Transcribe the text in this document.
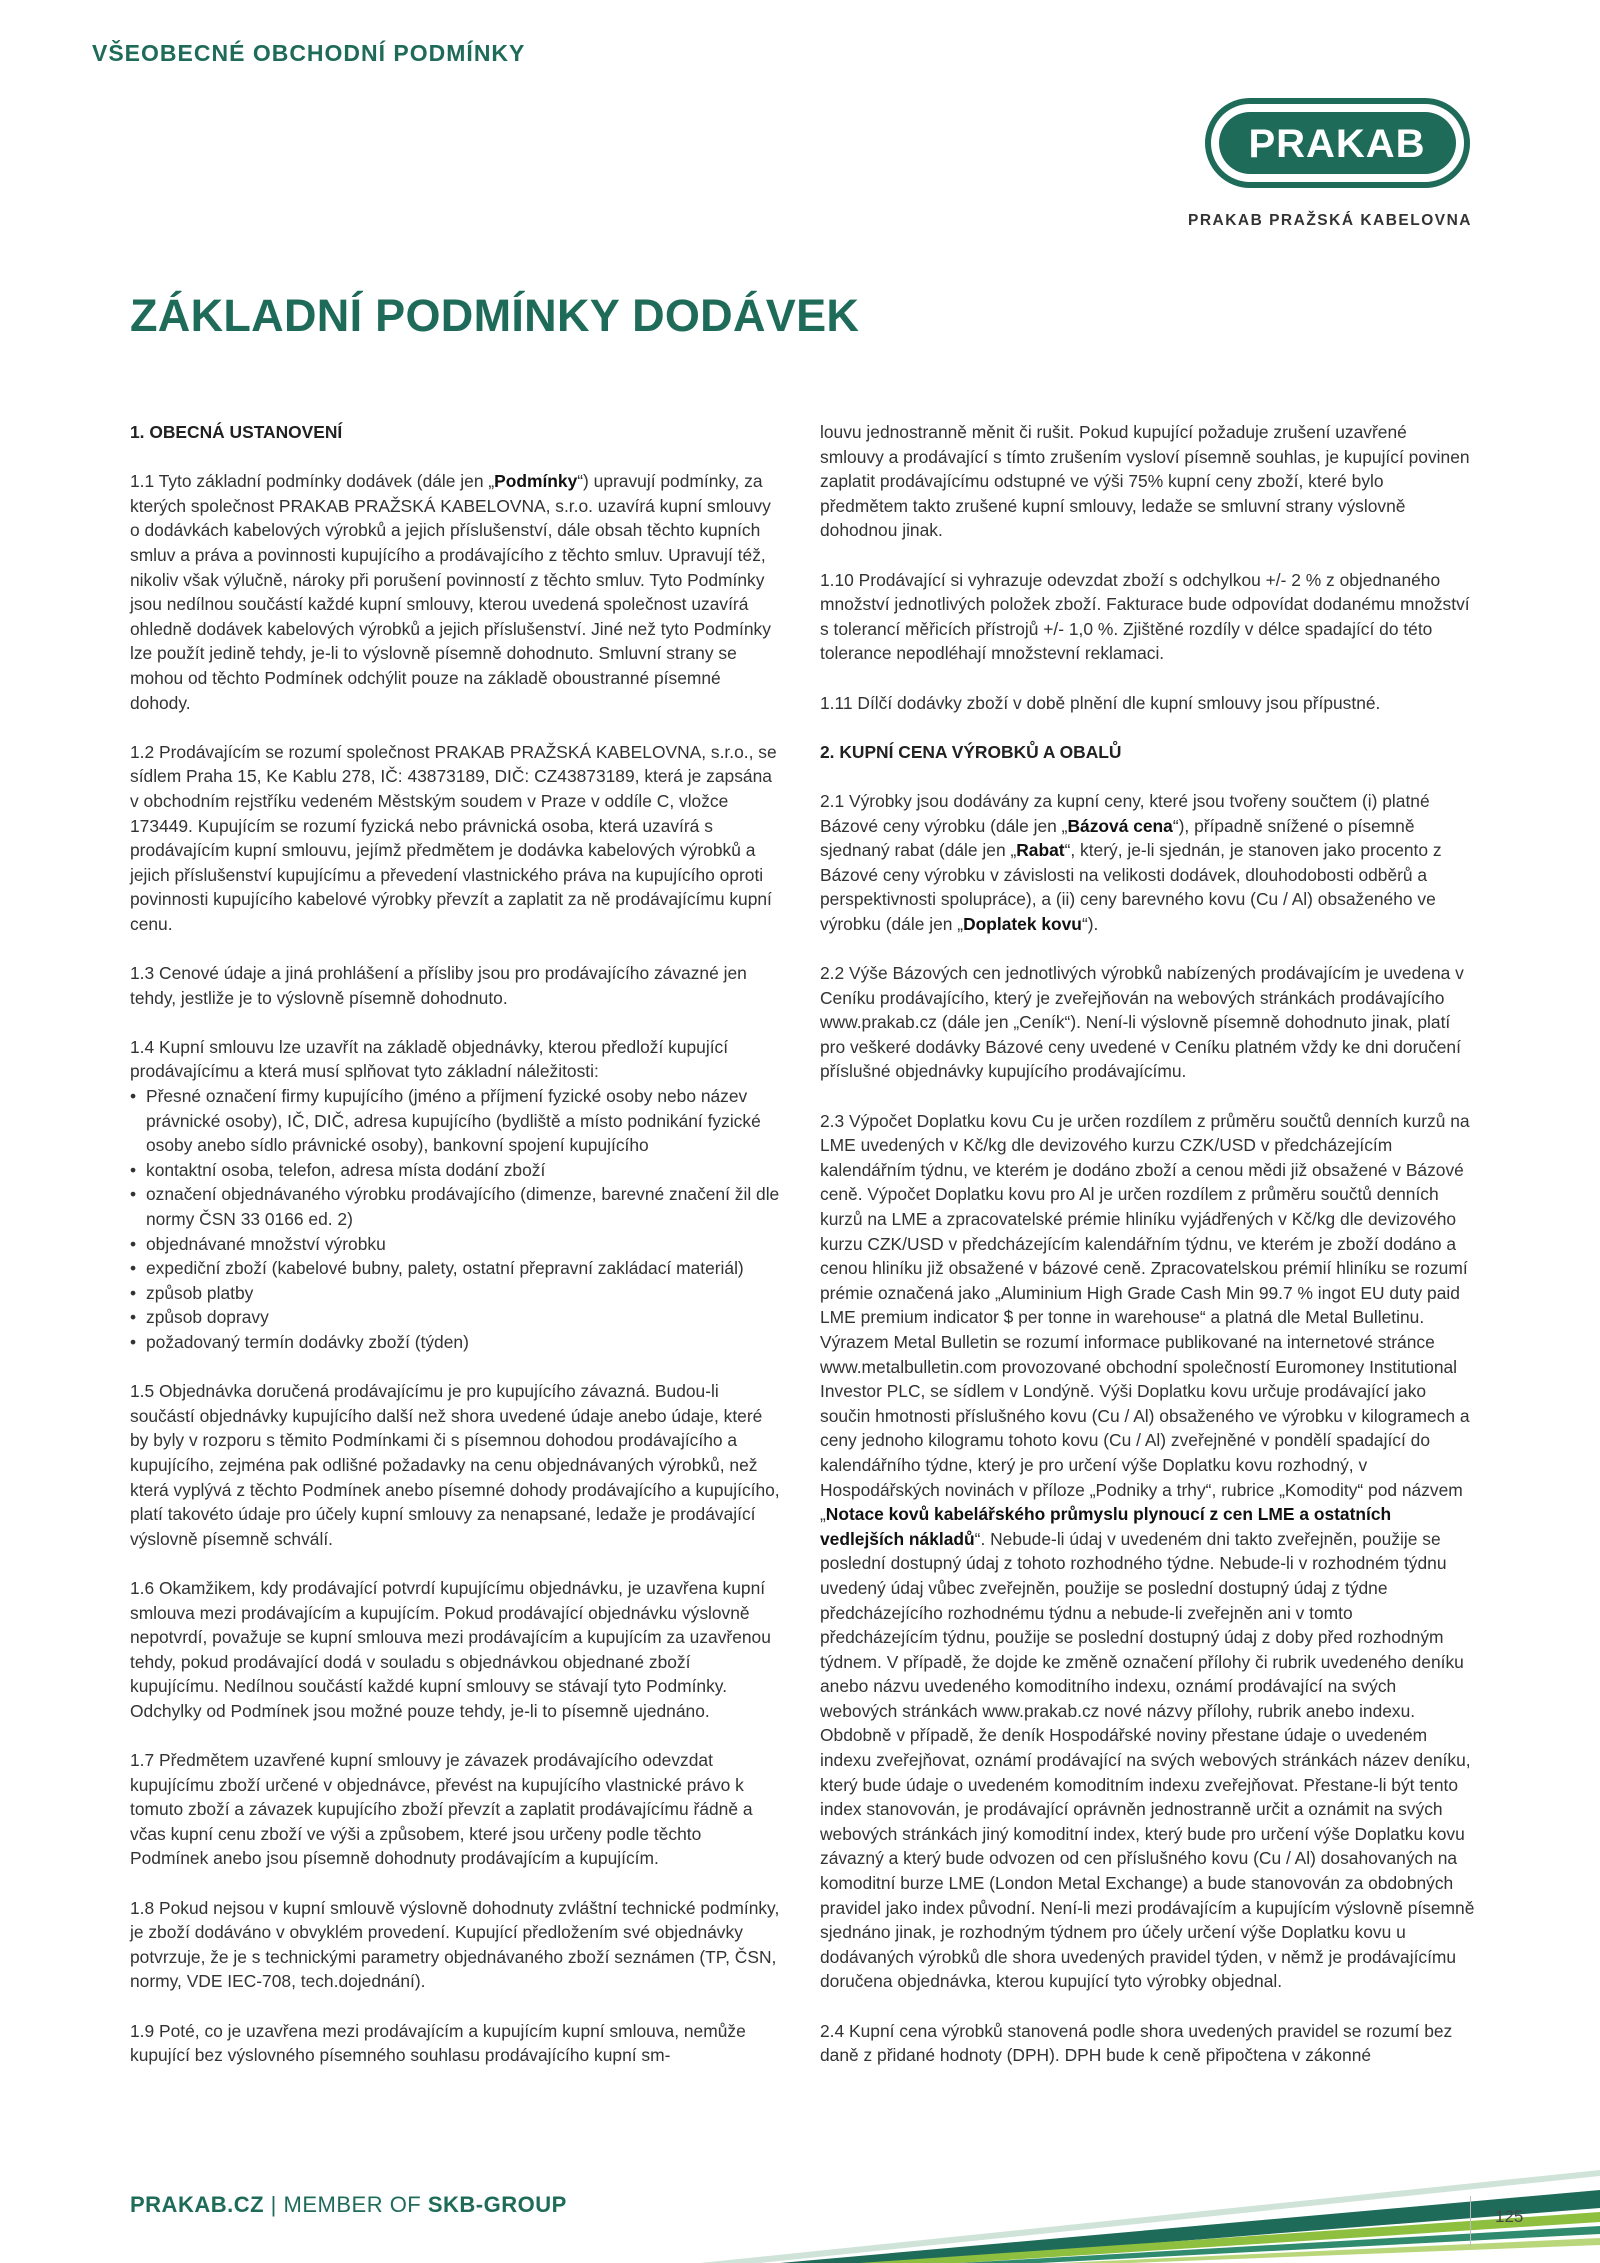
VŠEOBECNÉ OBCHODNÍ PODMÍNKY
PRAKAB
PRAKAB PRAŽSKÁ KABELOVNA
ZÁKLADNÍ PODMÍNKY DODÁVEK
1. OBECNÁ USTANOVENÍ

1.1 Tyto základní podmínky dodávek (dále jen „Podmínky“) upravují podmínky, za kterých společnost PRAKAB PRAŽSKÁ KABELOVNA, s.r.o. uzavírá kupní smlouvy o dodávkách kabelových výrobků a jejich příslušenství, dále obsah těchto kupních smluv a práva a povinnosti kupujícího a prodávajícího z těchto smluv. Upravují též, nikoliv však výlučně, nároky při porušení povinností z těchto smluv. Tyto Podmínky jsou nedílnou součástí každé kupní smlouvy, kterou uvedená společnost uzavírá ohledně dodávek kabelových výrobků a jejich příslušenství. Jiné než tyto Podmínky lze použít jedině tehdy, je-li to výslovně písemně dohodnuto. Smluvní strany se mohou od těchto Podmínek odchýlit pouze na základě oboustranné písemné dohody.

1.2 Prodávajícím se rozumí společnost PRAKAB PRAŽSKÁ KABELOVNA, s.r.o., se sídlem Praha 15, Ke Kablu 278, IČ: 43873189, DIČ: CZ43873189, která je zapsána v obchodním rejstříku vedeném Městským soudem v Praze v oddíle C, vložce 173449. Kupujícím se rozumí fyzická nebo právnická osoba, která uzavírá s prodávajícím kupní smlouvu, jejímž předmětem je dodávka kabelových výrobků a jejich příslušenství kupujícímu a převedení vlastnického práva na kupujícího oproti povinnosti kupujícího kabelové výrobky převzít a zaplatit za ně prodávajícímu kupní cenu.

1.3 Cenové údaje a jiná prohlášení a přísliby jsou pro prodávajícího závazné jen tehdy, jestliže je to výslovně písemně dohodnuto.

1.4 Kupní smlouvu lze uzavřít na základě objednávky, kterou předloží kupující prodávajícímu a která musí splňovat tyto základní náležitosti:

• Přesné označení firmy kupujícího (jméno a příjmení fyzické osoby nebo název právnické osoby), IČ, DIČ, adresa kupujícího (bydliště a místo podnikání fyzické osoby anebo sídlo právnické osoby), bankovní spojení kupujícího
• kontaktní osoba, telefon, adresa místa dodání zboží
• označení objednávaného výrobku prodávajícího (dimenze, barevné značení žil dle normy ČSN 33 0166 ed. 2)
• objednávané množství výrobku
• expediční zboží (kabelové bubny, palety, ostatní přepravní zakládací materiál)
• způsob platby
• způsob dopravy
• požadovaný termín dodávky zboží (týden)

1.5 Objednávka doručená prodávajícímu je pro kupujícího závazná. Budou-li součástí objednávky kupujícího další než shora uvedené údaje anebo údaje, které by byly v rozporu s těmito Podmínkami či s písemnou dohodou prodávajícího a kupujícího, zejména pak odlišné požadavky na cenu objednávaných výrobků, než která vyplývá z těchto Podmínek anebo písemné dohody prodávajícího a kupujícího, platí takovéto údaje pro účely kupní smlouvy za nenapsané, ledaže je prodávající výslovně písemně schválí.

1.6 Okamžikem, kdy prodávající potvrdí kupujícímu objednávku, je uzavřena kupní smlouva mezi prodávajícím a kupujícím. Pokud prodávající objednávku výslovně nepotvrdí, považuje se kupní smlouva mezi prodávajícím a kupujícím za uzavřenou tehdy, pokud prodávající dodá v souladu s objednávkou objednané zboží kupujícímu. Nedílnou součástí každé kupní smlouvy se stávají tyto Podmínky. Odchylky od Podmínek jsou možné pouze tehdy, je-li to písemně ujednáno.

1.7 Předmětem uzavřené kupní smlouvy je závazek prodávajícího odevzdat kupujícímu zboží určené v objednávce, převést na kupujícího vlastnické právo k tomuto zboží a závazek kupujícího zboží převzít a zaplatit prodávajícímu řádně a včas kupní cenu zboží ve výši a způsobem, které jsou určeny podle těchto Podmínek anebo jsou písemně dohodnuty prodávajícím a kupujícím.

1.8 Pokud nejsou v kupní smlouvě výslovně dohodnuty zvláštní technické podmínky, je zboží dodáváno v obvyklém provedení. Kupující předložením své objednávky potvrzuje, že je s technickými parametry objednávaného zboží seznámen (TP, ČSN, normy, VDE IEC-708, tech.dojednání).

1.9 Poté, co je uzavřena mezi prodávajícím a kupujícím kupní smlouva, nemůže kupující bez výslovného písemného souhlasu prodávajícího kupní sm-

louvu jednostranně měnit či rušit. Pokud kupující požaduje zrušení uzavřené smlouvy a prodávající s tímto zrušením vysloví písemně souhlas, je kupující povinen zaplatit prodávajícímu odstupné ve výši 75% kupní ceny zboží, které bylo předmětem takto zrušené kupní smlouvy, ledaže se smluvní strany výslovně dohodnou jinak.

1.10 Prodávající si vyhrazuje odevzdat zboží s odchylkou +/- 2 % z objednaného množství jednotlivých položek zboží. Fakturace bude odpovídat dodanému množství s tolerancí měřicích přístrojů +/- 1,0 %. Zjištěné rozdíly v délce spadající do této tolerance nepodléhají množstevní reklamaci.

1.11 Dílčí dodávky zboží v době plnění dle kupní smlouvy jsou přípustné.

2. KUPNÍ CENA VÝROBKŮ A OBALŮ

2.1 Výrobky jsou dodávány za kupní ceny, které jsou tvořeny součtem (i) platné Bázové ceny výrobku (dále jen „Bázová cena“), případně snížené o písemně sjednaný rabat (dále jen „Rabat“, který, je-li sjednán, je stanoven jako procento z Bázové ceny výrobku v závislosti na velikosti dodávek, dlouhodobosti odběrů a perspektivnosti spolupráce), a (ii) ceny barevného kovu (Cu / Al) obsaženého ve výrobku (dále jen „Doplatek kovu“).

2.2 Výše Bázových cen jednotlivých výrobků nabízených prodávajícím je uvedena v Ceníku prodávajícího, který je zveřejňován na webových stránkách prodávajícího www.prakab.cz (dále jen „Ceník“). Není-li výslovně písemně dohodnuto jinak, platí pro veškeré dodávky Bázové ceny uvedené v Ceníku platném vždy ke dni doručení příslušné objednávky kupujícího prodávajícímu.

2.3 Výpočet Doplatku kovu Cu je určen rozdílem z průměru součtů denních kurzů na LME uvedených v Kč/kg dle devizového kurzu CZK/USD v předcházejícím kalendářním týdnu, ve kterém je dodáno zboží a cenou mědi již obsažené v Bázové ceně. Výpočet Doplatku kovu pro Al je určen rozdílem z průměru součtů denních kurzů na LME a zpracovatelské prémie hliníku vyjádřených v Kč/kg dle devizového kurzu CZK/USD v předcházejícím kalendářním týdnu, ve kterém je zboží dodáno a cenou hliníku již obsažené v bázové ceně. Zpracovatelskou prémií hliníku se rozumí prémie označená jako „Aluminium High Grade Cash Min 99.7 % ingot EU duty paid LME premium indicator $ per tonne in warehouse“ a platná dle Metal Bulletinu. Výrazem Metal Bulletin se rozumí informace publikované na internetové stránce www.metalbulletin.com provozované obchodní společností Euromoney Institutional Investor PLC, se sídlem v Londýně. Výši Doplatku kovu určuje prodávající jako součin hmotnosti příslušného kovu (Cu / Al) obsaženého ve výrobku v kilogramech a ceny jednoho kilogramu tohoto kovu (Cu / Al) zveřejněné v pondělí spadající do kalendářního týdne, který je pro určení výše Doplatku kovu rozhodný, v Hospodářských novinách v příloze „Podniky a trhy“, rubrice „Komodity“ pod názvem „Notace kovů kabelářského průmyslu plynoucí z cen LME a ostatních vedlejších nákladů“. Nebude-li údaj v uvedeném dni takto zveřejněn, použije se poslední dostupný údaj z tohoto rozhodného týdne. Nebude-li v rozhodném týdnu uvedený údaj vůbec zveřejněn, použije se poslední dostupný údaj z týdne předcházejícího rozhodnému týdnu a nebude-li zveřejněn ani v tomto předcházejícím týdnu, použije se poslední dostupný údaj z doby před rozhodným týdnem. V případě, že dojde ke změně označení přílohy či rubrik uvedeného deníku anebo názvu uvedeného komoditního indexu, oznámí prodávající na svých webových stránkách www.prakab.cz nové názvy přílohy, rubrik anebo indexu. Obdobně v případě, že deník Hospodářské noviny přestane údaje o uvedeném indexu zveřejňovat, oznámí prodávající na svých webových stránkách název deníku, který bude údaje o uvedeném komoditním indexu zveřejňovat. Přestane-li být tento index stanovován, je prodávající oprávněn jednostranně určit a oznámit na svých webových stránkách jiný komoditní index, který bude pro určení výše Doplatku kovu závazný a který bude odvozen od cen příslušného kovu (Cu / Al) dosahovaných na komoditní burze LME (London Metal Exchange) a bude stanovován za obdobných pravidel jako index původní. Není-li mezi prodávajícím a kupujícím výslovně písemně sjednáno jinak, je rozhodným týdnem pro účely určení výše Doplatku kovu u dodávaných výrobků dle shora uvedených pravidel týden, v němž je prodávajícímu doručena objednávka, kterou kupující tyto výrobky objednal.

2.4 Kupní cena výrobků stanovená podle shora uvedených pravidel se rozumí bez daně z přidané hodnoty (DPH). DPH bude k ceně připočtena v zákonné

PRAKAB.CZ | MEMBER OF SKB-GROUP	125
